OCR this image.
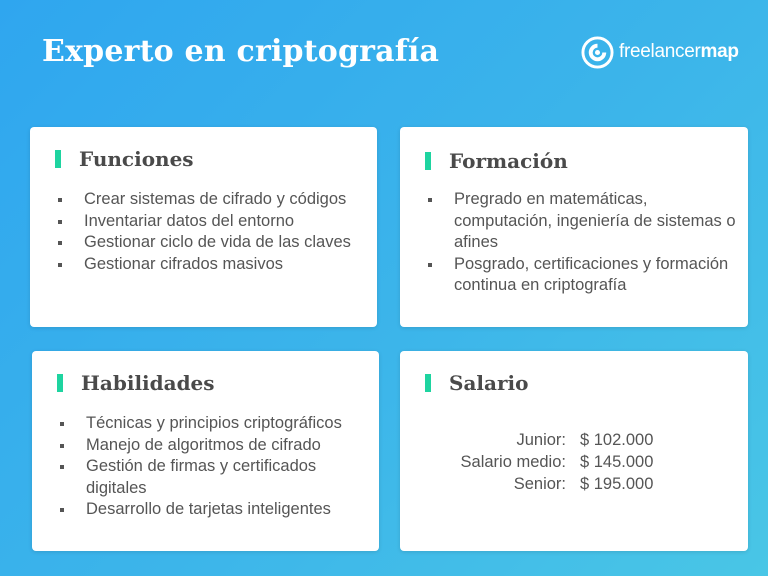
Experto en criptografía	freelancermap
Funciones
Crear sistemas de cifrado y códigos
Inventariar datos del entorno
Gestionar ciclo de vida de las claves
Gestionar cifrados masivos
Formación
Pregrado en matemáticas, computación, ingeniería de sistemas o afines
Posgrado, certificaciones y formación continua en criptografía
Habilidades
Técnicas y principios criptográficos
Manejo de algoritmos de cifrado
Gestión de firmas y certificados digitales
Desarrollo de tarjetas inteligentes
Salario
Junior: $ 102.000
Salario medio: $ 145.000
Senior: $ 195.000
